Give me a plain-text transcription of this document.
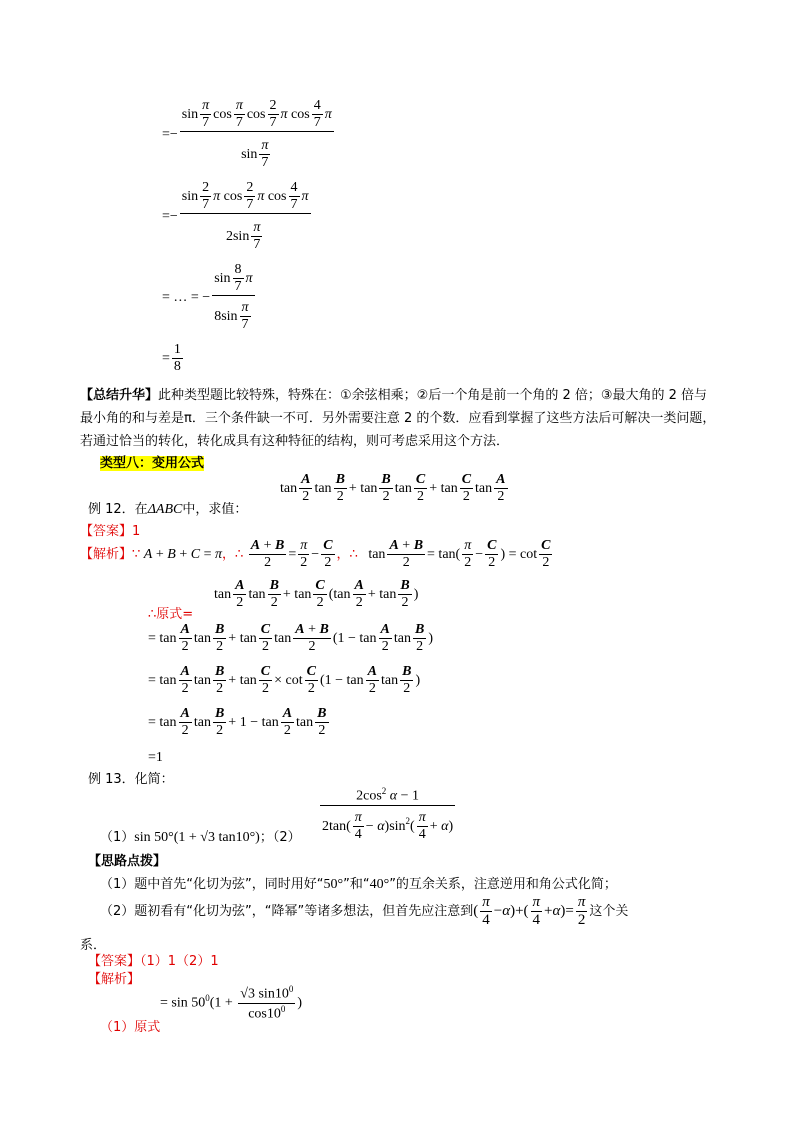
=− $\frac{\sin \frac{\pi}{7} \cos \frac{\pi}{7} \cos \frac{2}{7} \pi \cos \frac{4}{7} \pi}{\sin \frac{\pi}{7}}$
=− $\frac{\sin \frac{2}{7} \pi \cos \frac{2}{7} \pi \cos \frac{4}{7} \pi}{2\sin \frac{\pi}{7}}$
= … = − $\frac{\sin \frac{8}{7} \pi}{8\sin \frac{\pi}{7}}$
= $\frac{1}{8}$
【总结升华】此种类型题比较特殊，特殊在：①余弦相乘；②后一个角是前一个角的 2 倍；③最大角的 2 倍与最小角的和与差是π．三个条件缺一不可．另外需要注意 2 的个数．应看到掌握了这些方法后可解决一类问题，若通过恰当的转化，转化成具有这种特征的结构，则可考虑采用这个方法．
类型八：变用公式
$\tan \frac{A}{2}$ $\tan \frac{B}{2} + \tan \frac{B}{2}$ $\tan \frac{C}{2} + \tan \frac{C}{2}$ $\tan \frac{A}{2}$
例 12．在ΔABC中，求值：
【答案】1
【解析】∵ A + B + C = π，∴ $\frac{A + B}{2} = \frac{\pi}{2} - \frac{C}{2}$ ，∴   $\tan \frac{A + B}{2} = \tan( \frac{\pi}{2} - \frac{C}{2}$ ) = $\cot \frac{C}{2}$
$\tan \frac{A}{2}$ $\tan \frac{B}{2} + \tan \frac{C}{2} (\tan \frac{A}{2} + \tan \frac{B}{2}$ )
∴原式=
= $\tan \frac{A}{2}$ $\tan \frac{B}{2} + \tan \frac{C}{2}$ $\tan \frac{A + B}{2} (1 - \tan \frac{A}{2}$ $\tan \frac{B}{2}$ )
= $\tan \frac{A}{2}$ $\tan \frac{B}{2} + \tan \frac{C}{2} \times \cot \frac{C}{2} (1 - \tan \frac{A}{2}$ $\tan \frac{B}{2}$ )
= $\tan \frac{A}{2}$ $\tan \frac{B}{2} + 1 - \tan \frac{A}{2}$ $\tan \frac{B}{2}$
=1
例 13．化简：
$\frac{2\cos^2 \alpha - 1}{2\tan( \frac{\pi}{4} - \alpha)\sin^2( \frac{\pi}{4} + \alpha)}$
（1）sin 50°(1 + √3 tan10°)；（2）
【思路点拨】
（1）题中首先“化切为弦”，同时用好“50°”和“40°”的互余关系，注意逆用和角公式化简；
（2）题初看有“化切为弦”，“降幂”等诸多想法，但首先应注意到( $\frac{\pi}{4} -\alpha)+( \frac{\pi}{4} +\alpha)= \frac{\pi}{2}$ 这个关
系．
【答案】（1）1（2）1
【解析】
= $\sin 50^0(1 + \frac{√3 \sin 10^0}{\cos 10^0}$ )
（1）原式
